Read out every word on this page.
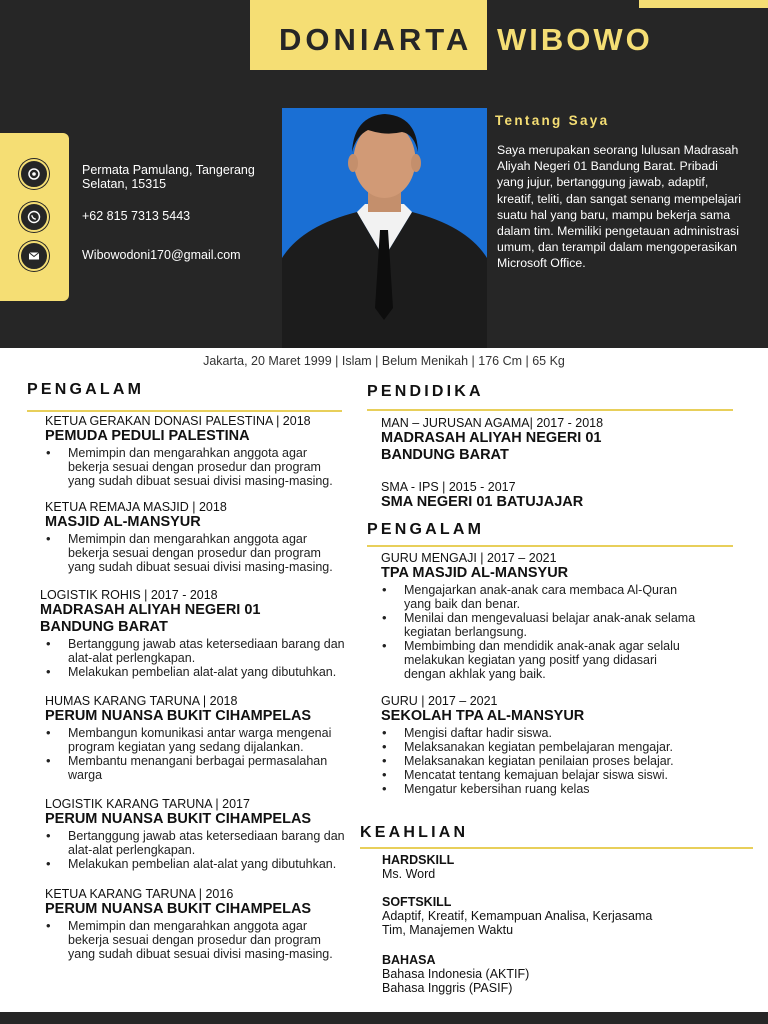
DONIARTA WIBOWO
Permata Pamulang, Tangerang Selatan, 15315
+62 815 7313 5443
Wibowodoni170@gmail.com
Tentang Saya
Saya merupakan seorang lulusan Madrasah Aliyah Negeri 01 Bandung Barat. Pribadi yang jujur, bertanggung jawab, adaptif, kreatif, teliti, dan sangat senang mempelajari suatu hal yang baru, mampu bekerja sama dalam tim. Memiliki pengetauan administrasi umum, dan terampil dalam mengoperasikan Microsoft Office.
Jakarta, 20 Maret 1999 | Islam | Belum Menikah | 176 Cm | 65 Kg
PENGALAM
KETUA GERAKAN DONASI PALESTINA | 2018
PEMUDA PEDULI PALESTINA
• Memimpin dan mengarahkan anggota agar bekerja sesuai dengan prosedur dan program yang sudah dibuat sesuai divisi masing-masing.
KETUA REMAJA MASJID | 2018
MASJID AL-MANSYUR
• Memimpin dan mengarahkan anggota agar bekerja sesuai dengan prosedur dan program yang sudah dibuat sesuai divisi masing-masing.
LOGISTIK ROHIS | 2017 - 2018
MADRASAH ALIYAH NEGERI 01 BANDUNG BARAT
• Bertanggung jawab atas ketersediaan barang dan alat-alat perlengkapan.
• Melakukan pembelian alat-alat yang dibutuhkan.
HUMAS KARANG TARUNA | 2018
PERUM NUANSA BUKIT CIHAMPELAS
• Membangun komunikasi antar warga mengenai program kegiatan yang sedang dijalankan.
• Membantu menangani berbagai permasalahan warga
LOGISTIK KARANG TARUNA | 2017
PERUM NUANSA BUKIT CIHAMPELAS
• Bertanggung jawab atas ketersediaan barang dan alat-alat perlengkapan.
• Melakukan pembelian alat-alat yang dibutuhkan.
KETUA KARANG TARUNA | 2016
PERUM NUANSA BUKIT CIHAMPELAS
• Memimpin dan mengarahkan anggota agar bekerja sesuai dengan prosedur dan program yang sudah dibuat sesuai divisi masing-masing.
PENDIDIKA
MAN – JURUSAN AGAMA| 2017 - 2018
MADRASAH ALIYAH NEGERI 01 BANDUNG BARAT
SMA - IPS | 2015 - 2017
SMA NEGERI 01 BATUJAJAR
PENGALAM
GURU MENGAJI | 2017 – 2021
TPA MASJID AL-MANSYUR
• Mengajarkan anak-anak cara membaca Al-Quran yang baik dan benar.
• Menilai dan mengevaluasi belajar anak-anak selama kegiatan berlangsung.
• Membimbing dan mendidik anak-anak agar selalu melakukan kegiatan yang positf yang didasari dengan akhlak yang baik.
GURU | 2017 – 2021
SEKOLAH TPA AL-MANSYUR
• Mengisi daftar hadir siswa.
• Melaksanakan kegiatan pembelajaran mengajar.
• Melaksanakan kegiatan penilaian proses belajar.
• Mencatat tentang kemajuan belajar siswa siswi.
• Mengatur kebersihan ruang kelas
KEAHLIAN
HARDSKILL
Ms. Word
SOFTSKILL
Adaptif, Kreatif, Kemampuan Analisa, Kerjasama Tim, Manajemen Waktu
BAHASA
Bahasa Indonesia (AKTIF)
Bahasa Inggris (PASIF)
